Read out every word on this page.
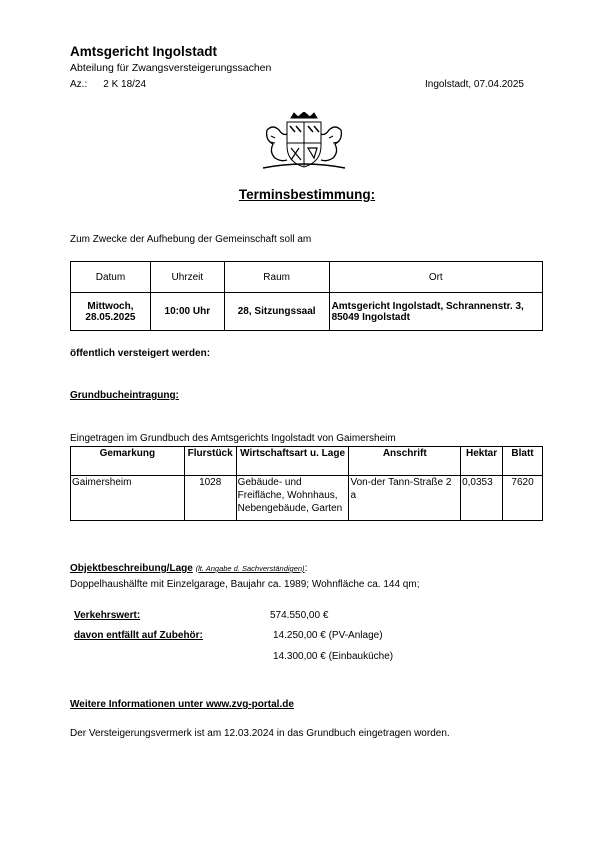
Amtsgericht Ingolstadt
Abteilung für Zwangsversteigerungssachen
Az.: 2 K 18/24	Ingolstadt, 07.04.2025
Terminsbestimmung:
Zum Zwecke der Aufhebung der Gemeinschaft soll am
Datum	Uhrzeit	Raum	Ort
Mittwoch, 28.05.2025	10:00 Uhr	28, Sitzungssaal	Amtsgericht Ingolstadt, Schrannenstr. 3, 85049 Ingolstadt
öffentlich versteigert werden:
Grundbucheintragung:
Eingetragen im Grundbuch des Amtsgerichts Ingolstadt von Gaimersheim
Gemarkung	Flurstück	Wirtschaftsart u. Lage	Anschrift	Hektar	Blatt
Gaimersheim	1028	Gebäude- und Freifläche, Wohnhaus, Nebengebäude, Garten	Von-der Tann-Straße 2 a	0,0353	7620
Objektbeschreibung/Lage (lt. Angabe d. Sachverständigen):
Doppelhaushälfte mit Einzelgarage, Baujahr ca. 1989; Wohnfläche ca. 144 qm;
Verkehrswert:	574.550,00 €
davon entfällt auf Zubehör:	14.250,00 € (PV-Anlage)
14.300,00 € (Einbauküche)
Weitere Informationen unter www.zvg-portal.de
Der Versteigerungsvermerk ist am 12.03.2024 in das Grundbuch eingetragen worden.
